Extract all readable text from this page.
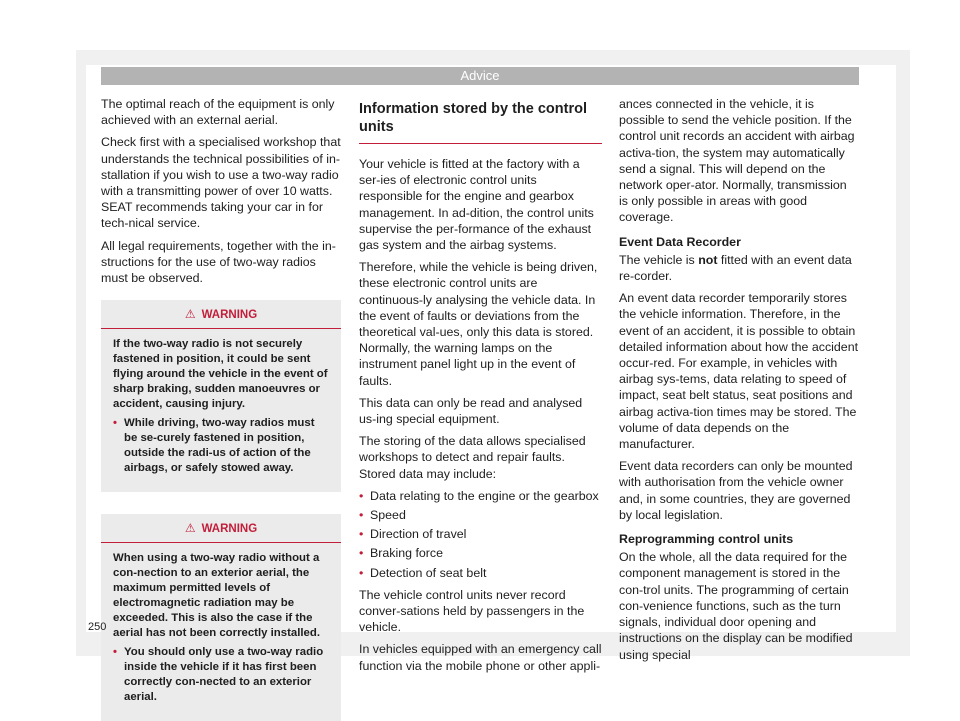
Advice

The optimal reach of the equipment is only achieved with an external aerial.

Check first with a specialised workshop that understands the technical possibilities of in-stallation if you wish to use a two-way radio with a transmitting power of over 10 watts. SEAT recommends taking your car in for tech-nical service.

All legal requirements, together with the in-structions for the use of two-way radios must be observed.

⚠ WARNING

If the two-way radio is not securely fastened in position, it could be sent flying around the vehicle in the event of sharp braking, sudden manoeuvres or accident, causing injury.

• While driving, two-way radios must be se-curely fastened in position, outside the radi-us of action of the airbags, or safely stowed away.
⚠ WARNING

When using a two-way radio without a con-nection to an exterior aerial, the maximum permitted levels of electromagnetic radiation may be exceeded. This is also the case if the aerial has not been correctly installed.

• You should only use a two-way radio inside the vehicle if it has first been correctly con-nected to an exterior aerial.
Information stored by the control units

Your vehicle is fitted at the factory with a ser-ies of electronic control units responsible for the engine and gearbox management. In ad-dition, the control units supervise the per-formance of the exhaust gas system and the airbag systems.

Therefore, while the vehicle is being driven, these electronic control units are continuous-ly analysing the vehicle data. In the event of faults or deviations from the theoretical val-ues, only this data is stored. Normally, the warning lamps on the instrument panel light up in the event of faults.

This data can only be read and analysed us-ing special equipment.

The storing of the data allows specialised workshops to detect and repair faults. Stored data may include:

• Data relating to the engine or the gearbox
• Speed
• Direction of travel
• Braking force
• Detection of seat belt

The vehicle control units never record conver-sations held by passengers in the vehicle.

In vehicles equipped with an emergency call function via the mobile phone or other appli-

ances connected in the vehicle, it is possible to send the vehicle position. If the control unit records an accident with airbag activa-tion, the system may automatically send a signal. This will depend on the network oper-ator. Normally, transmission is only possible in areas with good coverage.

Event Data Recorder

The vehicle is not fitted with an event data re-corder.

An event data recorder temporarily stores the vehicle information. Therefore, in the event of an accident, it is possible to obtain detailed information about how the accident occur-red. For example, in vehicles with airbag sys-tems, data relating to speed of impact, seat belt status, seat positions and airbag activa-tion times may be stored. The volume of data depends on the manufacturer.

Event data recorders can only be mounted with authorisation from the vehicle owner and, in some countries, they are governed by local legislation.

Reprogramming control units

On the whole, all the data required for the component management is stored in the con-trol units. The programming of certain con-venience functions, such as the turn signals, individual door opening and instructions on the display can be modified using special

250
